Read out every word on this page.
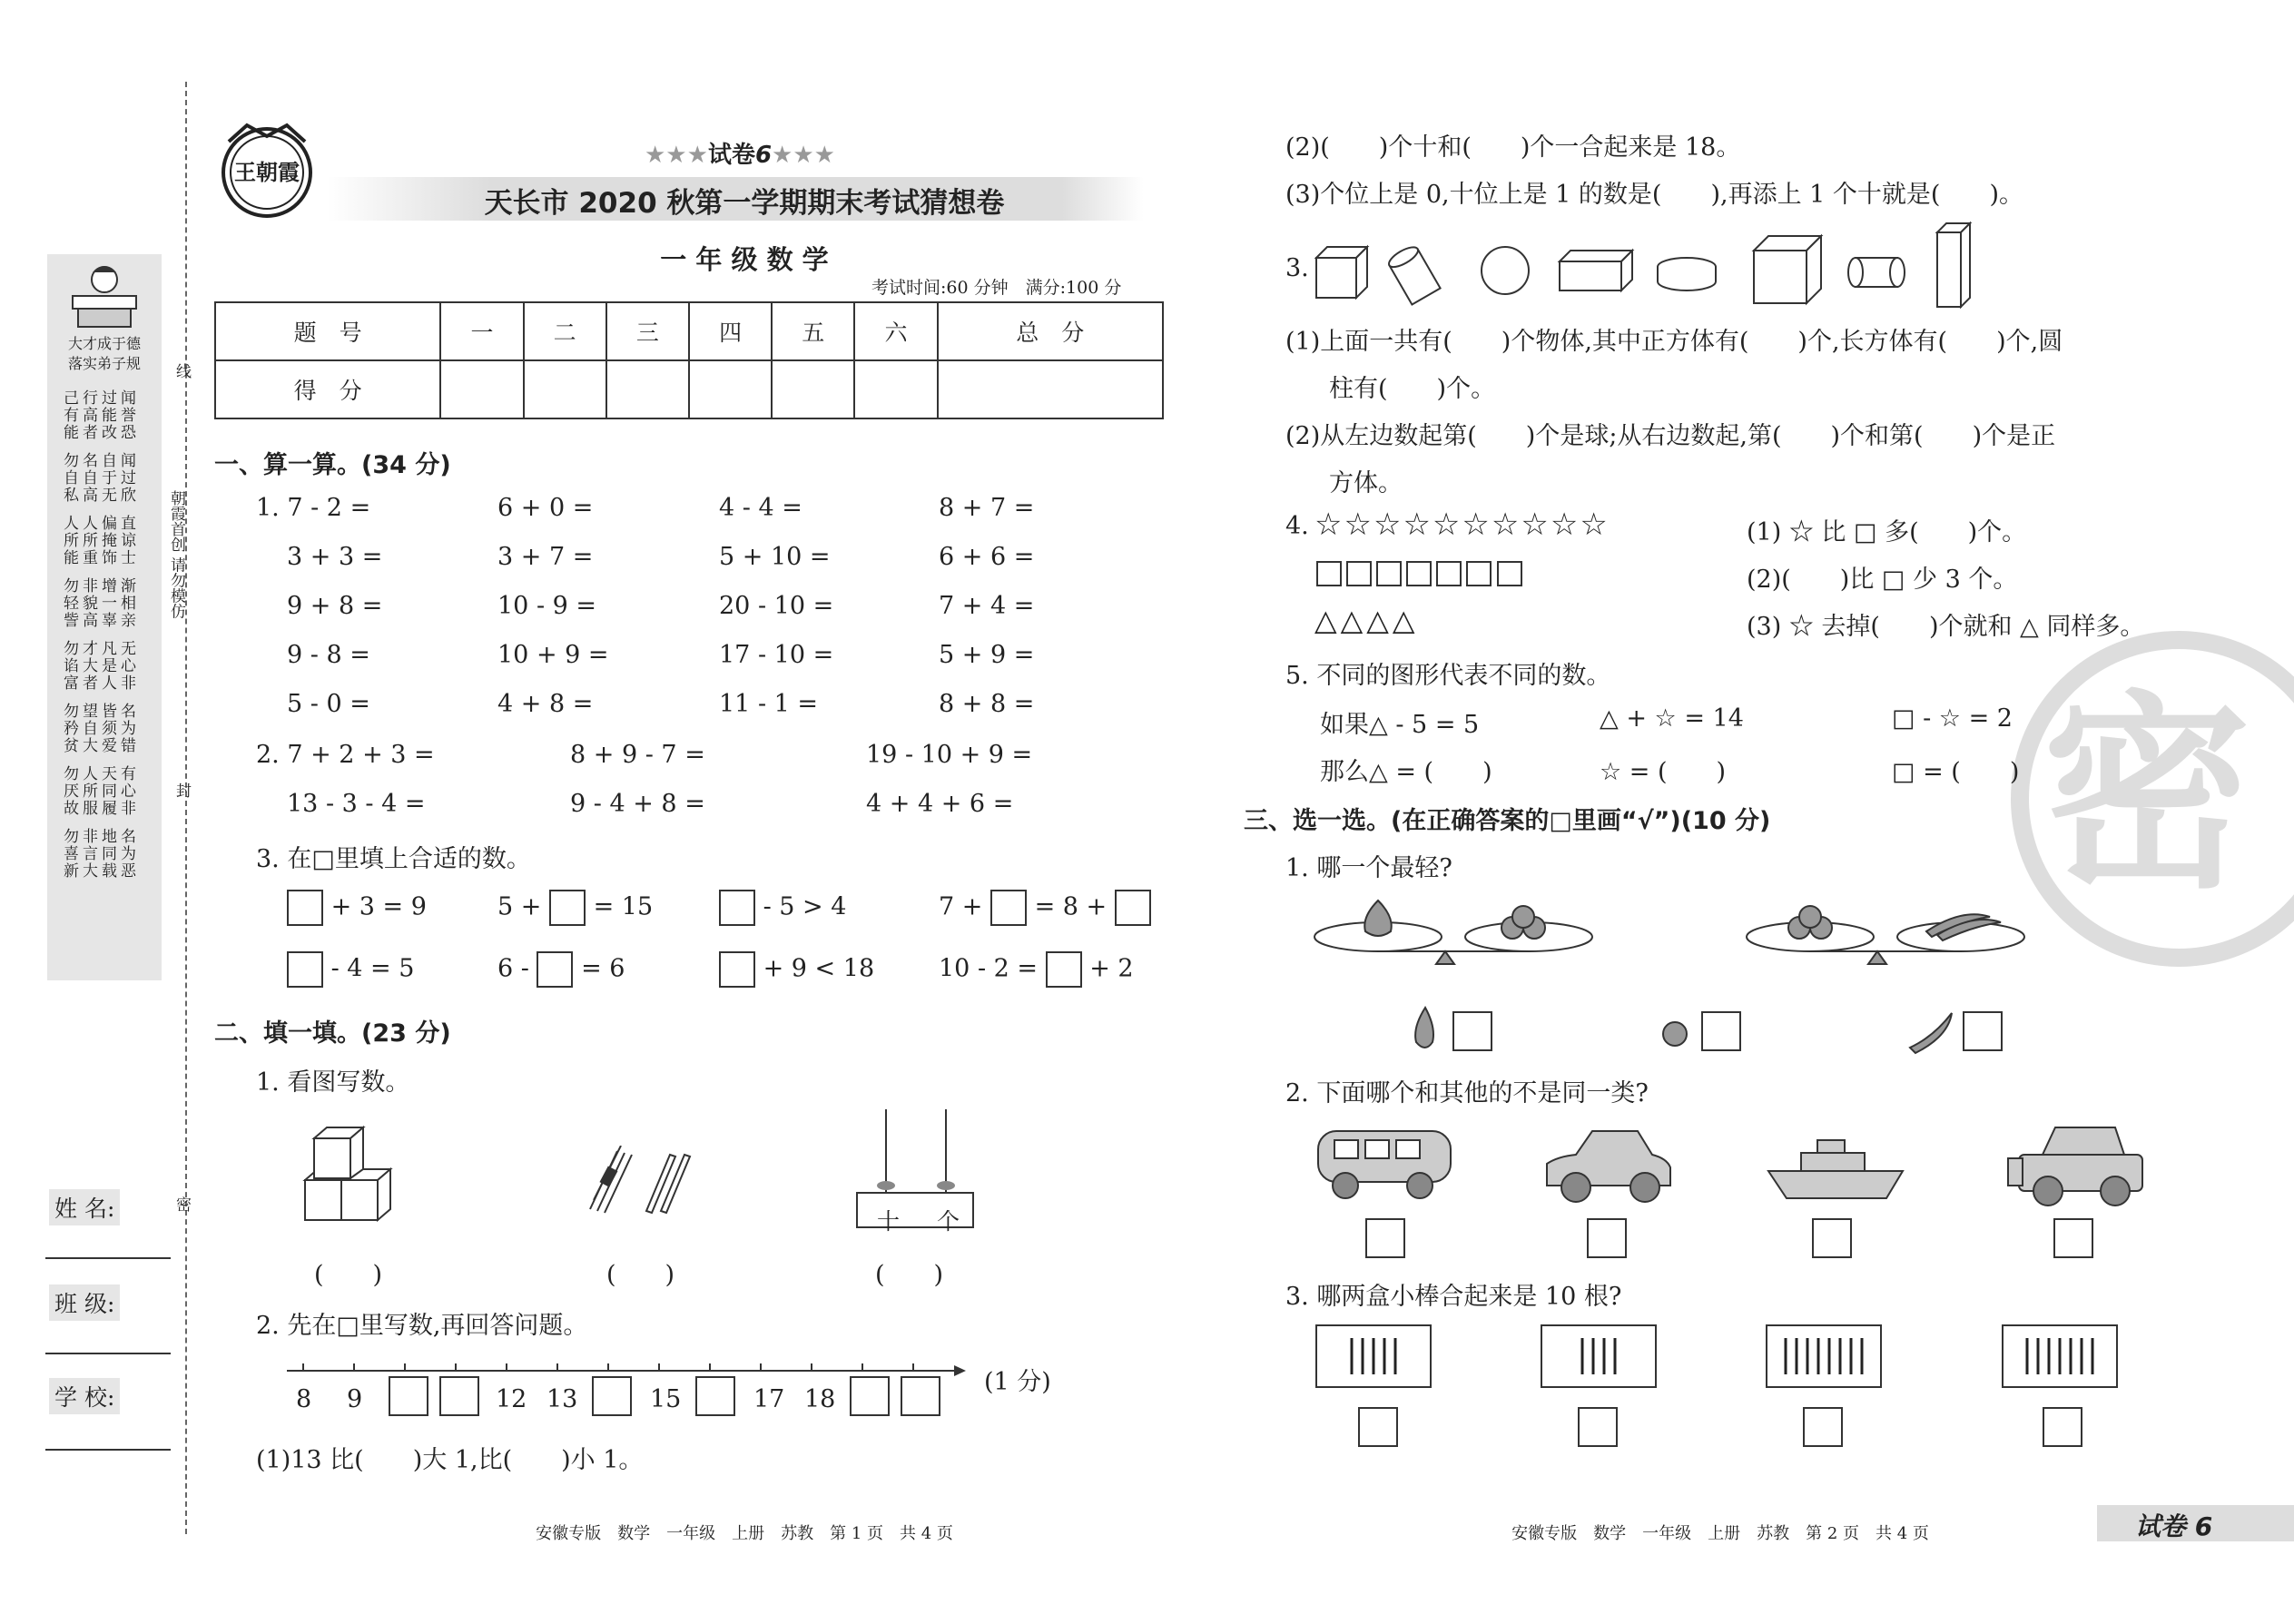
大才成于德
落实弟子规
己行过闻
有高能誉
能者改恐
勿名自闻
自自于过
私高无欣
人人偏直
所所掩谅
能重饰士
勿非增渐
轻貌一相
訾高辜亲
勿才凡无
谄大是心
富者人非
勿望皆名
矜自须为
贫大爱错
勿人天有
厌所同心
故服履非
勿非地名
喜言同为
新大载恶
线
朝霞首创 请勿模仿
封
密
姓 名:
班 级:
学 校:
王朝霞
★★★试卷6★★★
天长市 2020 秋第一学期期末考试猜想卷
一 年 级 数 学
考试时间:60 分钟　满分:100 分
题　号	一	二	三	四	五	六	总　分
得　分							
一、算一算。(34 分)
1. 7 - 2 =	6 + 0 =	4 - 4 =	8 + 7 =
3 + 3 =	3 + 7 =	5 + 10 =	6 + 6 =
9 + 8 =	10 - 9 =	20 - 10 =	7 + 4 =
9 - 8 =	10 + 9 =	17 - 10 =	5 + 9 =
5 - 0 =	4 + 8 =	11 - 1 =	8 + 8 =
2. 7 + 2 + 3 =	8 + 9 - 7 =	19 - 10 + 9 =
13 - 3 - 4 =	9 - 4 + 8 =	4 + 4 + 6 =
3. 在□里填上合适的数。
+ 3 = 9	5 + = 15	- 5 > 4	7 + = 8 +
- 4 = 5	6 - = 6	+ 9 < 18	10 - 2 = + 2
二、填一填。(23 分)
1. 看图写数。
(　　)	(　　)
十 个
(　　)
2. 先在□里写数,再回答问题。
8 9	12 13	15	17 18
(1 分)
(1)13 比(　　)大 1,比(　　)小 1。
安徽专版　数学　一年级　上册　苏教　第 1 页　共 4 页
(2)(　　)个十和(　　)个一合起来是 18。
(3)个位上是 0,十位上是 1 的数是(　　),再添上 1 个十就是(　　)。
3.
(1)上面一共有(　　)个物体,其中正方体有(　　)个,长方体有(　　)个,圆
柱有(　　)个。
(2)从左边数起第(　　)个是球;从右边数起,第(　　)个和第(　　)个是正
方体。
4. ☆☆☆☆☆☆☆☆☆☆

△△△△
(1) ☆ 比 □ 多(　　)个。
(2)(　　)比 □ 少 3 个。
(3) ☆ 去掉(　　)个就和 △ 同样多。
密
5. 不同的图形代表不同的数。
如果△ - 5 = 5	△ + ☆ = 14	□ - ☆ = 2
那么△ = (　　)	☆ = (　　)	□ = (　　)
三、选一选。(在正确答案的□里画“√”)(10 分)
1. 哪一个最轻?
2. 下面哪个和其他的不是同一类?
3. 哪两盒小棒合起来是 10 根?
安徽专版　数学　一年级　上册　苏教　第 2 页　共 4 页	试卷 6
